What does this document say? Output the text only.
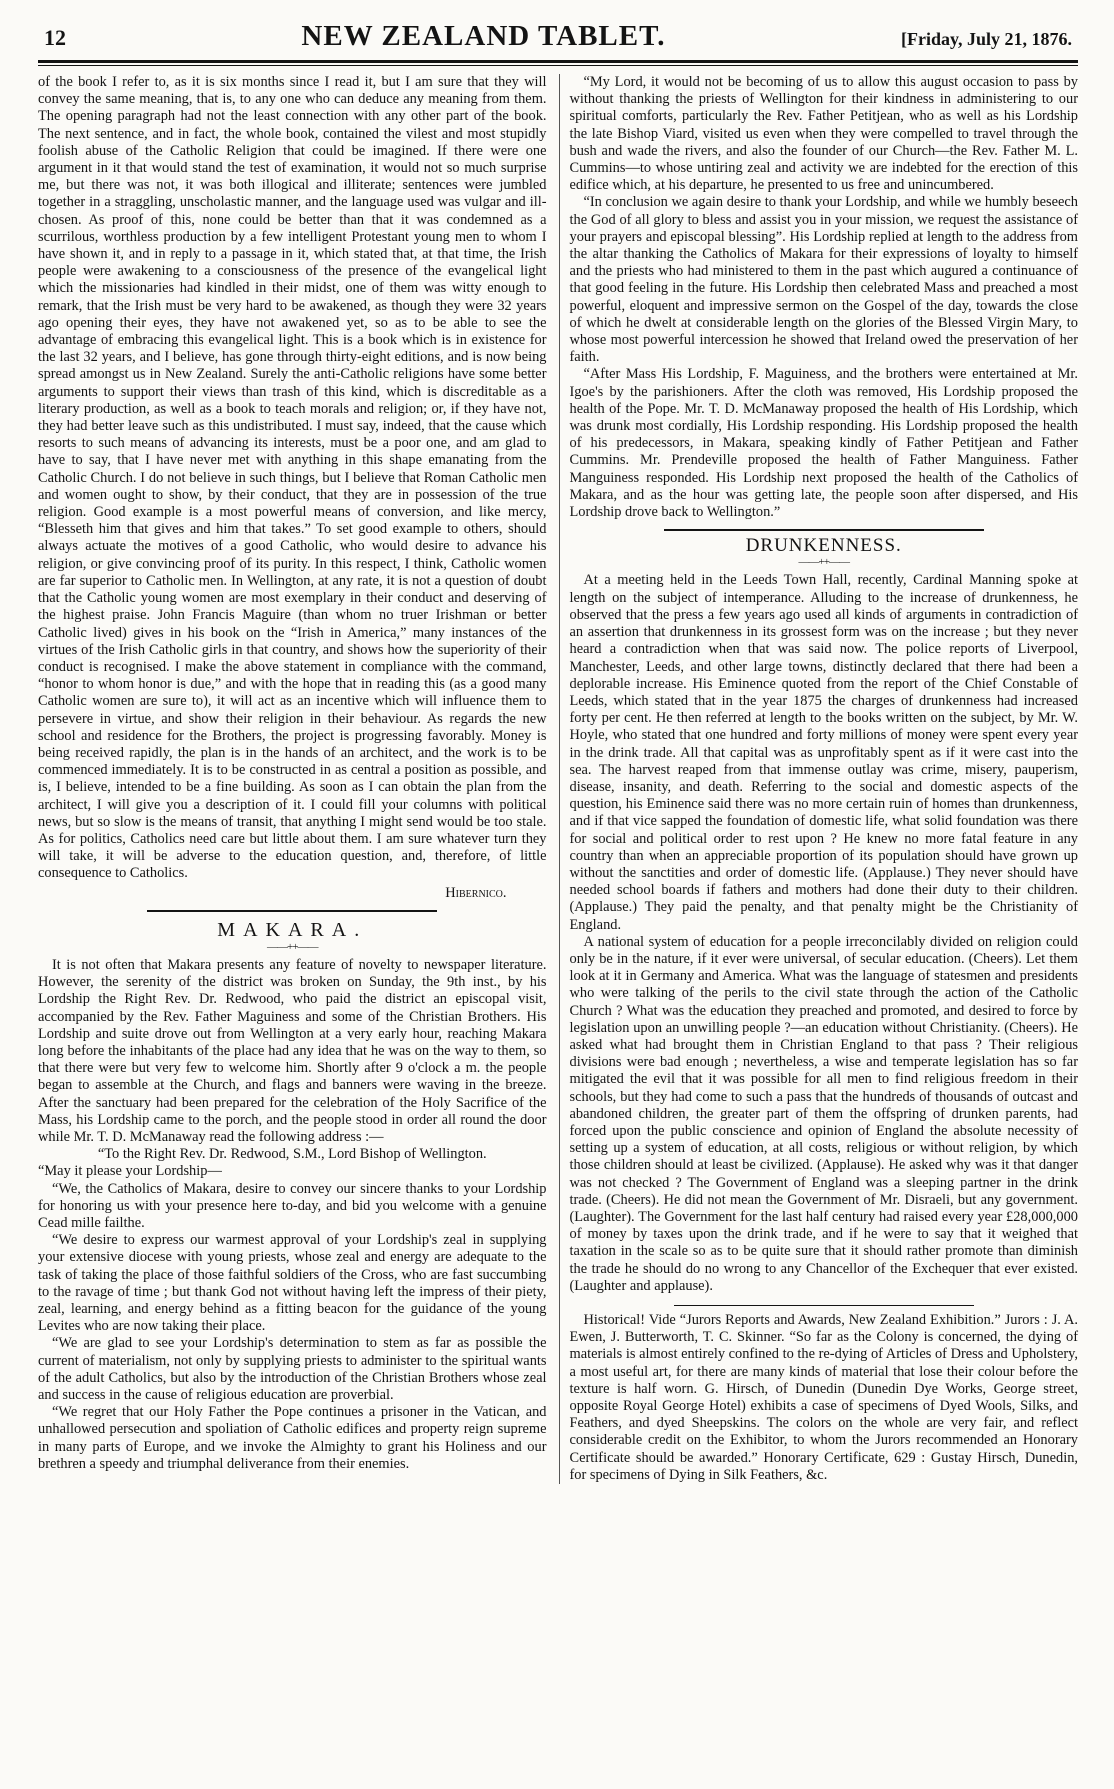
12	NEW ZEALAND TABLET.	[Friday, July 21, 1876.

of the book I refer to, as it is six months since I read it, but I am sure that they will convey the same meaning, that is, to any one who can deduce any meaning from them. The opening paragraph had not the least connection with any other part of the book. The next sentence, and in fact, the whole book, contained the vilest and most stupidly foolish abuse of the Catholic Religion that could be imagined. If there were one argument in it that would stand the test of examination, it would not so much surprise me, but there was not, it was both illogical and illiterate; sentences were jumbled together in a straggling, unscholastic manner, and the language used was vulgar and ill-chosen. As proof of this, none could be better than that it was condemned as a scurrilous, worthless production by a few intelligent Protestant young men to whom I have shown it, and in reply to a passage in it, which stated that, at that time, the Irish people were awakening to a consciousness of the presence of the evangelical light which the missionaries had kindled in their midst, one of them was witty enough to remark, that the Irish must be very hard to be awakened, as though they were 32 years ago opening their eyes, they have not awakened yet, so as to be able to see the advantage of embracing this evangelical light. This is a book which is in existence for the last 32 years, and I believe, has gone through thirty-eight editions, and is now being spread amongst us in New Zealand. Surely the anti-Catholic religions have some better arguments to support their views than trash of this kind, which is discreditable as a literary production, as well as a book to teach morals and religion; or, if they have not, they had better leave such as this undistributed. I must say, indeed, that the cause which resorts to such means of advancing its interests, must be a poor one, and am glad to have to say, that I have never met with anything in this shape emanating from the Catholic Church. I do not believe in such things, but I believe that Roman Catholic men and women ought to show, by their conduct, that they are in possession of the true religion. Good example is a most powerful means of conversion, and like mercy, “Blesseth him that gives and him that takes.” To set good example to others, should always actuate the motives of a good Catholic, who would desire to advance his religion, or give convincing proof of its purity. In this respect, I think, Catholic women are far superior to Catholic men. In Wellington, at any rate, it is not a question of doubt that the Catholic young women are most exemplary in their conduct and deserving of the highest praise. John Francis Maguire (than whom no truer Irishman or better Catholic lived) gives in his book on the “Irish in America,” many instances of the virtues of the Irish Catholic girls in that country, and shows how the superiority of their conduct is recognised. I make the above statement in compliance with the command, “honor to whom honor is due,” and with the hope that in reading this (as a good many Catholic women are sure to), it will act as an incentive which will influence them to persevere in virtue, and show their religion in their behaviour. As regards the new school and residence for the Brothers, the project is progressing favorably. Money is being received rapidly, the plan is in the hands of an architect, and the work is to be commenced immediately. It is to be constructed in as central a position as possible, and is, I believe, intended to be a fine building. As soon as I can obtain the plan from the architect, I will give you a description of it. I could fill your columns with political news, but so slow is the means of transit, that anything I might send would be too stale. As for politics, Catholics need care but little about them. I am sure whatever turn they will take, it will be adverse to the education question, and, therefore, of little consequence to Catholics.

Hibernico.
MAKARA.
——++——

It is not often that Makara presents any feature of novelty to newspaper literature. However, the serenity of the district was broken on Sunday, the 9th inst., by his Lordship the Right Rev. Dr. Redwood, who paid the district an episcopal visit, accompanied by the Rev. Father Maguiness and some of the Christian Brothers. His Lordship and suite drove out from Wellington at a very early hour, reaching Makara long before the inhabitants of the place had any idea that he was on the way to them, so that there were but very few to welcome him. Shortly after 9 o'clock a m. the people began to assemble at the Church, and flags and banners were waving in the breeze. After the sanctuary had been prepared for the celebration of the Holy Sacrifice of the Mass, his Lordship came to the porch, and the people stood in order all round the door while Mr. T. D. McManaway read the following address :—

“To the Right Rev. Dr. Redwood, S.M., Lord Bishop of Wellington.

“May it please your Lordship—

“We, the Catholics of Makara, desire to convey our sincere thanks to your Lordship for honoring us with your presence here to-day, and bid you welcome with a genuine Cead mille failthe.

“We desire to express our warmest approval of your Lordship's zeal in supplying your extensive diocese with young priests, whose zeal and energy are adequate to the task of taking the place of those faithful soldiers of the Cross, who are fast succumbing to the ravage of time ; but thank God not without having left the impress of their piety, zeal, learning, and energy behind as a fitting beacon for the guidance of the young Levites who are now taking their place.

“We are glad to see your Lordship's determination to stem as far as possible the current of materialism, not only by supplying priests to administer to the spiritual wants of the adult Catholics, but also by the introduction of the Christian Brothers whose zeal and success in the cause of religious education are proverbial.

“We regret that our Holy Father the Pope continues a prisoner in the Vatican, and unhallowed persecution and spoliation of Catholic edifices and property reign supreme in many parts of Europe, and we invoke the Almighty to grant his Holiness and our brethren a speedy and triumphal deliverance from their enemies.

“My Lord, it would not be becoming of us to allow this august occasion to pass by without thanking the priests of Wellington for their kindness in administering to our spiritual comforts, particularly the Rev. Father Petitjean, who as well as his Lordship the late Bishop Viard, visited us even when they were compelled to travel through the bush and wade the rivers, and also the founder of our Church—the Rev. Father M. L. Cummins—to whose untiring zeal and activity we are indebted for the erection of this edifice which, at his departure, he presented to us free and unincumbered.

“In conclusion we again desire to thank your Lordship, and while we humbly beseech the God of all glory to bless and assist you in your mission, we request the assistance of your prayers and episcopal blessing”. His Lordship replied at length to the address from the altar thanking the Catholics of Makara for their expressions of loyalty to himself and the priests who had ministered to them in the past which augured a continuance of that good feeling in the future. His Lordship then celebrated Mass and preached a most powerful, eloquent and impressive sermon on the Gospel of the day, towards the close of which he dwelt at considerable length on the glories of the Blessed Virgin Mary, to whose most powerful intercession he showed that Ireland owed the preservation of her faith.

“After Mass His Lordship, F. Maguiness, and the brothers were entertained at Mr. Igoe's by the parishioners. After the cloth was removed, His Lordship proposed the health of the Pope. Mr. T. D. McManaway proposed the health of His Lordship, which was drunk most cordially, His Lordship responding. His Lordship proposed the health of his predecessors, in Makara, speaking kindly of Father Petitjean and Father Cummins. Mr. Prendeville proposed the health of Father Manguiness. Father Manguiness responded. His Lordship next proposed the health of the Catholics of Makara, and as the hour was getting late, the people soon after dispersed, and His Lordship drove back to Wellington.”

DRUNKENNESS.
——++——

At a meeting held in the Leeds Town Hall, recently, Cardinal Manning spoke at length on the subject of intemperance. Alluding to the increase of drunkenness, he observed that the press a few years ago used all kinds of arguments in contradiction of an assertion that drunkenness in its grossest form was on the increase ; but they never heard a contradiction when that was said now. The police reports of Liverpool, Manchester, Leeds, and other large towns, distinctly declared that there had been a deplorable increase. His Eminence quoted from the report of the Chief Constable of Leeds, which stated that in the year 1875 the charges of drunkenness had increased forty per cent. He then referred at length to the books written on the subject, by Mr. W. Hoyle, who stated that one hundred and forty millions of money were spent every year in the drink trade. All that capital was as unprofitably spent as if it were cast into the sea. The harvest reaped from that immense outlay was crime, misery, pauperism, disease, insanity, and death. Referring to the social and domestic aspects of the question, his Eminence said there was no more certain ruin of homes than drunkenness, and if that vice sapped the foundation of domestic life, what solid foundation was there for social and political order to rest upon ? He knew no more fatal feature in any country than when an appreciable proportion of its population should have grown up without the sanctities and order of domestic life. (Applause.) They never should have needed school boards if fathers and mothers had done their duty to their children. (Applause.) They paid the penalty, and that penalty might be the Christianity of England.

A national system of education for a people irreconcilably divided on religion could only be in the nature, if it ever were universal, of secular education. (Cheers). Let them look at it in Germany and America. What was the language of statesmen and presidents who were talking of the perils to the civil state through the action of the Catholic Church ? What was the education they preached and promoted, and desired to force by legislation upon an unwilling people ?—an education without Christianity. (Cheers). He asked what had brought them in Christian England to that pass ? Their religious divisions were bad enough ; nevertheless, a wise and temperate legislation has so far mitigated the evil that it was possible for all men to find religious freedom in their schools, but they had come to such a pass that the hundreds of thousands of outcast and abandoned children, the greater part of them the offspring of drunken parents, had forced upon the public conscience and opinion of England the absolute necessity of setting up a system of education, at all costs, religious or without religion, by which those children should at least be civilized. (Applause). He asked why was it that danger was not checked ? The Government of England was a sleeping partner in the drink trade. (Cheers). He did not mean the Government of Mr. Disraeli, but any government. (Laughter). The Government for the last half century had raised every year £28,000,000 of money by taxes upon the drink trade, and if he were to say that it weighed that taxation in the scale so as to be quite sure that it should rather promote than diminish the trade he should do no wrong to any Chancellor of the Exchequer that ever existed. (Laughter and applause).

Historical! Vide “Jurors Reports and Awards, New Zealand Exhibition.” Jurors : J. A. Ewen, J. Butterworth, T. C. Skinner. “So far as the Colony is concerned, the dying of materials is almost entirely confined to the re-dying of Articles of Dress and Upholstery, a most useful art, for there are many kinds of material that lose their colour before the texture is half worn. G. Hirsch, of Dunedin (Dunedin Dye Works, George street, opposite Royal George Hotel) exhibits a case of specimens of Dyed Wools, Silks, and Feathers, and dyed Sheepskins. The colors on the whole are very fair, and reflect considerable credit on the Exhibitor, to whom the Jurors recommended an Honorary Certificate should be awarded.” Honorary Certificate, 629 : Gustay Hirsch, Dunedin, for specimens of Dying in Silk Feathers, &c.
